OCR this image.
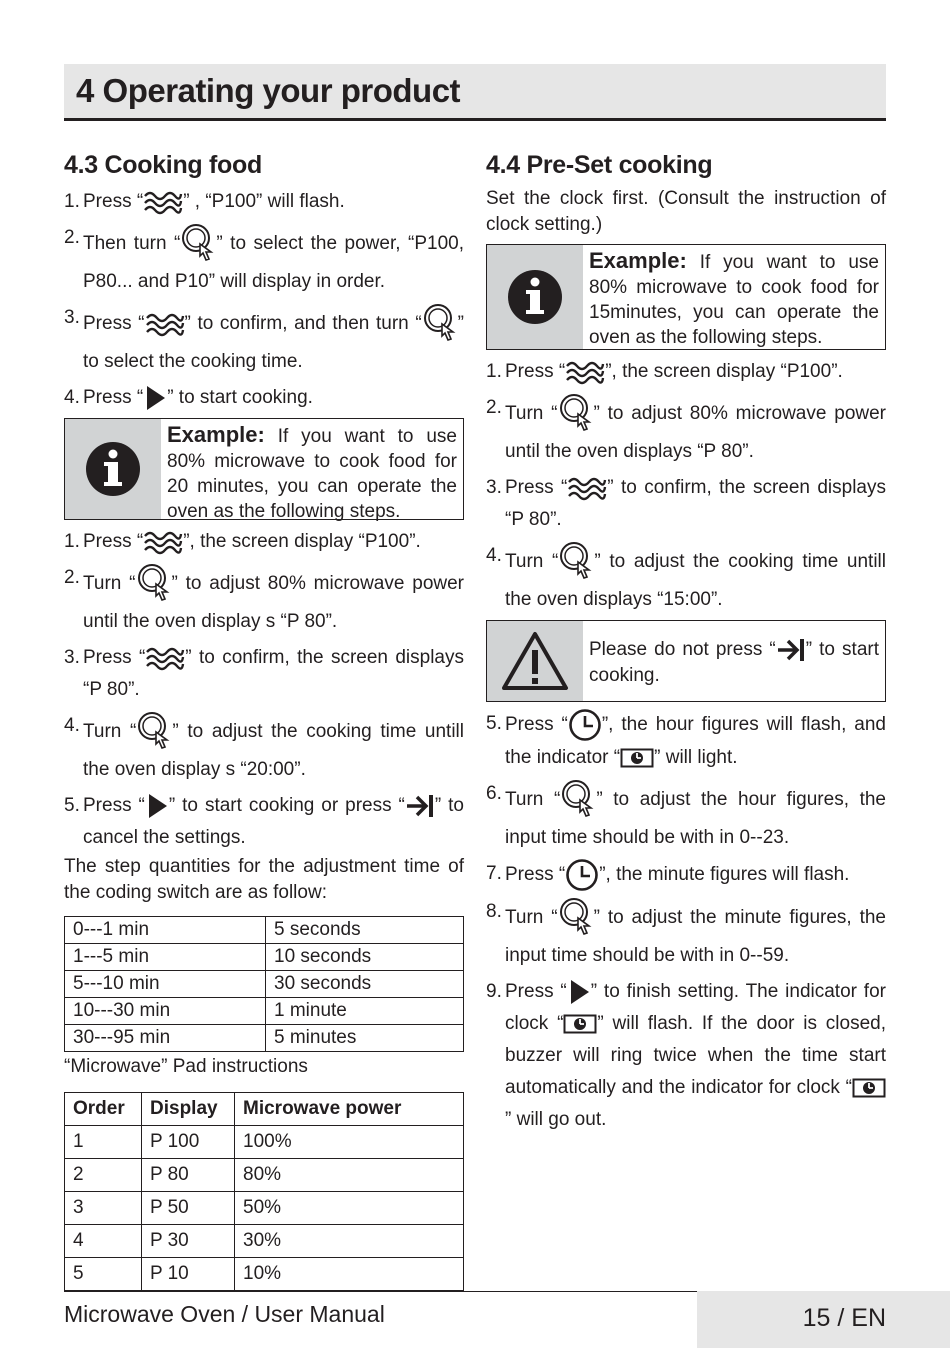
4 Operating your product
4.3 Cooking food
1. Press “ ” , “P100” will flash.
2. Then turn “ ” to select the power, “P100, P80... and P10” will display in order.
3. Press “ ” to confirm, and then turn “ ” to select the cooking time.
4. Press “ ” to start cooking.
Example: If you want to use 80% microwave to cook food for 20 minutes, you can operate the oven as the following steps.
1. Press “ ”, the screen display “P100”.
2. Turn “ ” to adjust 80% microwave power until the oven display s “P 80”.
3. Press “ ” to confirm, the screen displays “P 80”.
4. Turn “ ” to adjust the cooking time untill the oven display s “20:00”.
5. Press “ ” to start cooking or press “ ” to cancel the settings.
The step quantities for the adjustment time of the coding switch are as follow:
0---1 min	5 seconds
1---5 min	10 seconds
5---10 min	30 seconds
10---30 min	1 minute
30---95 min	5 minutes
“Microwave” Pad instructions
Order	Display	Microwave power
1	P 100	100%
2	P 80	80%
3	P 50	50%
4	P 30	30%
5	P 10	10%
4.4 Pre-Set cooking
Set the clock first. (Consult the instruction of clock setting.)
Example: If you want to use 80% microwave to cook food for 15minutes, you can operate the oven as the following steps.
1. Press “ ”, the screen display “P100”.
2. Turn “ ” to adjust 80% microwave power until the oven displays “P 80”.
3. Press “ ” to confirm, the screen displays “P 80”.
4. Turn “ ” to adjust the cooking time untill the oven displays “15:00”.
Please do not press “ ” to start cooking.
5. Press “ ”, the hour figures will flash, and the indicator “ ” will light.
6. Turn “ ” to adjust the hour figures, the input time should be with in 0--23.
7. Press “ ”, the minute figures will flash.
8. Turn “ ” to adjust the minute figures, the input time should be with in 0--59.
9. Press “ ” to finish setting. The indicator for clock “ ” will flash. If the door is closed, buzzer will ring twice when the time start automatically and the indicator for clock “
” will go out.
Microwave Oven / User Manual	15 / EN
